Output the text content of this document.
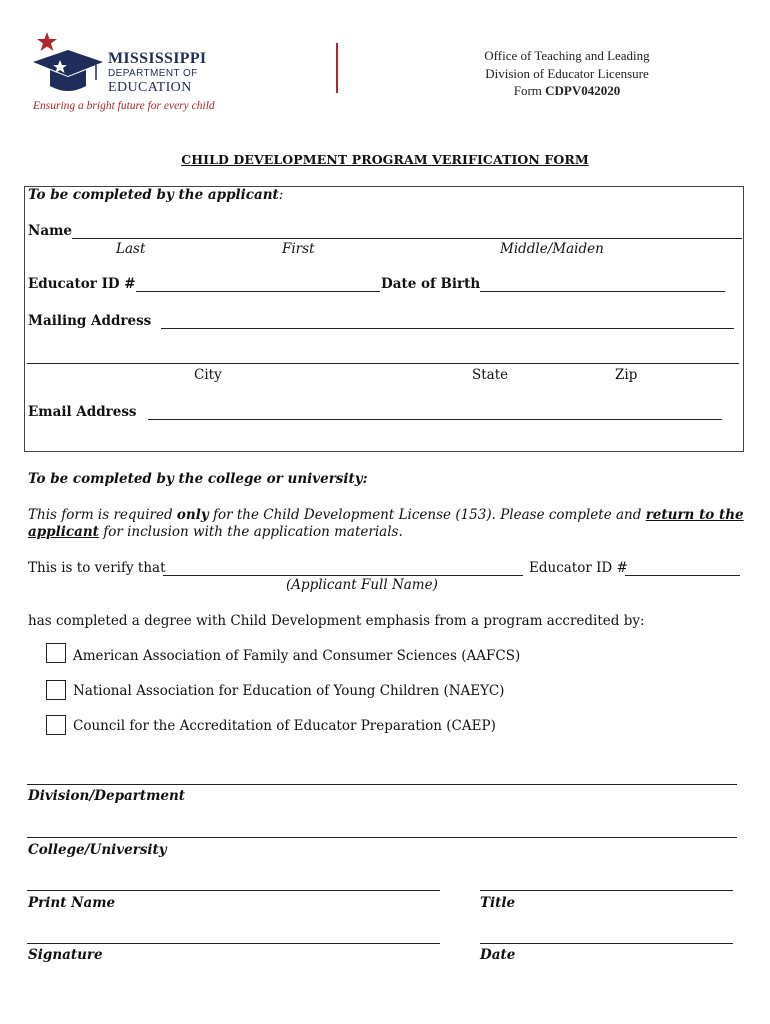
MISSISSIPPI
DEPARTMENT OF
EDUCATION
Ensuring a bright future for every child
Office of Teaching and Leading
Division of Educator Licensure
Form CDPV042020
CHILD DEVELOPMENT PROGRAM VERIFICATION FORM
To be completed by the applicant:
Name
Last	First	Middle/Maiden
Educator ID #	Date of Birth
Mailing Address
City	State	Zip
Email Address
To be completed by the college or university:
This form is required only for the Child Development License (153). Please complete and return to the
applicant for inclusion with the application materials.
This is to verify that	Educator ID #
(Applicant Full Name)
has completed a degree with Child Development emphasis from a program accredited by:
American Association of Family and Consumer Sciences (AAFCS)
National Association for Education of Young Children (NAEYC)
Council for the Accreditation of Educator Preparation (CAEP)
Division/Department
College/University
Print Name	Title
Signature	Date
